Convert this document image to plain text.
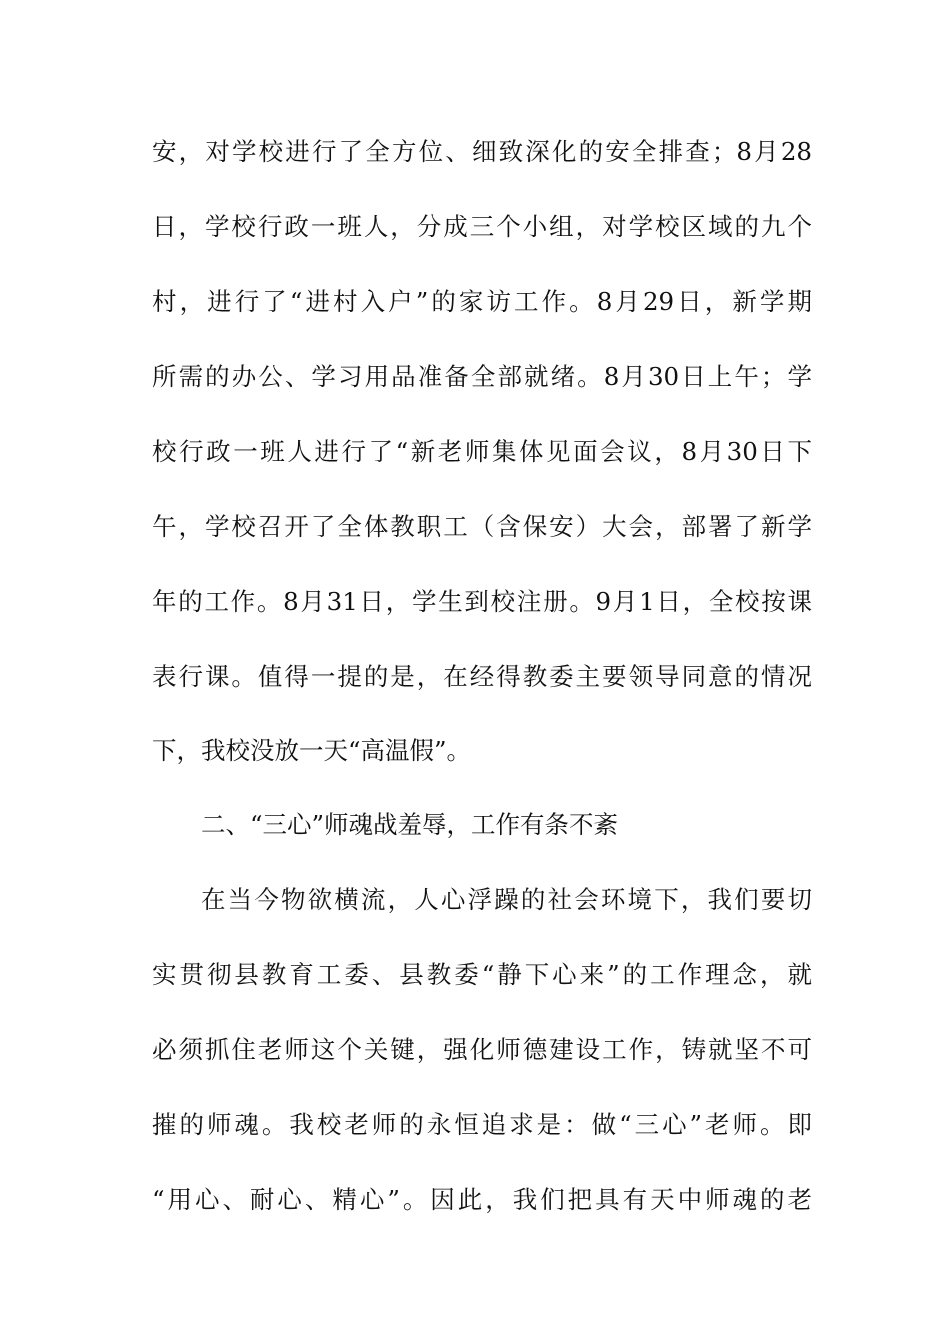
安，对学校进行了全方位、细致深化的安全排查；8月28
日，学校行政一班人，分成三个小组，对学校区域的九个
村，进行了“进村入户”的家访工作。8月29日，新学期
所需的办公、学习用品准备全部就绪。8月30日上午；学
校行政一班人进行了“新老师集体见面会议，8月30日下
午，学校召开了全体教职工（含保安）大会，部署了新学
年的工作。8月31日，学生到校注册。9月1日，全校按课
表行课。值得一提的是，在经得教委主要领导同意的情况
下，我校没放一天“高温假”。
二、“三心”师魂战羞辱，工作有条不紊
在当今物欲横流，人心浮躁的社会环境下，我们要切
实贯彻县教育工委、县教委“静下心来”的工作理念，就
必须抓住老师这个关键，强化师德建设工作，铸就坚不可
摧的师魂。我校老师的永恒追求是：做“三心”老师。即
“用心、耐心、精心”。因此，我们把具有天中师魂的老
